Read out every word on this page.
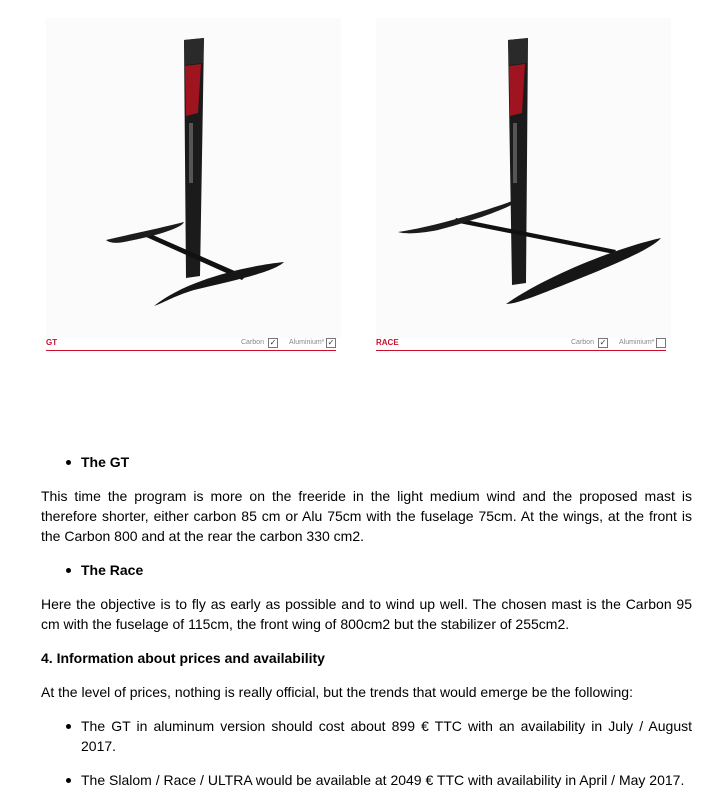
GT	Carbon ✓ Aluminium* ✓	RACE	Carbon ✓ Aluminium*
The GT

This time the program is more on the freeride in the light medium wind and the proposed mast is therefore shorter, either carbon 85 cm or Alu 75cm with the fuselage 75cm. At the wings, at the front is the Carbon 800 and at the rear the carbon 330 cm2.

The Race

Here the objective is to fly as early as possible and to wind up well. The chosen mast is the Carbon 95 cm with the fuselage of 115cm, the front wing of 800cm2 but the stabilizer of 255cm2.

4. Information about prices and availability

At the level of prices, nothing is really official, but the trends that would emerge be the following:

The GT in aluminum version should cost about 899 € TTC with an availability in July / August 2017.
The Slalom / Race / ULTRA would be available at 2049 € TTC with availability in April / May 2017.
